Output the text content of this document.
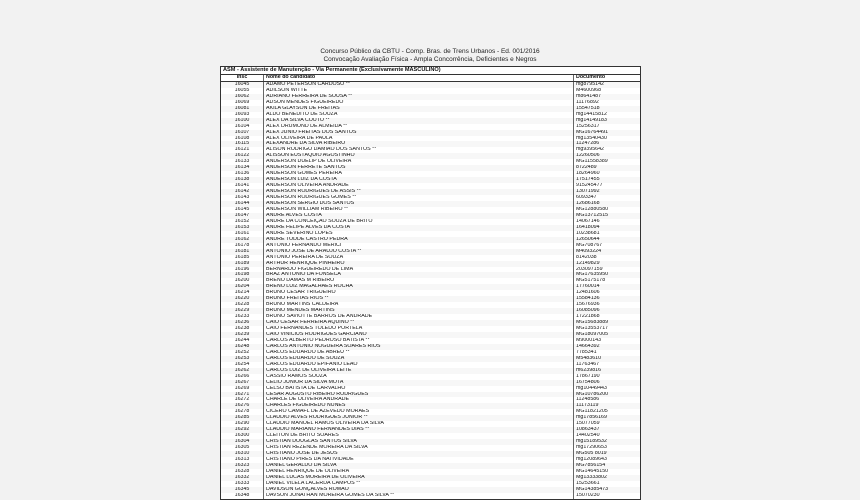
Concurso Público da CBTU - Comp. Bras. de Trens Urbanos - Ed. 001/2016
Convocação Avaliação Física - Ampla Concorrência, Deficientes e Negros
ASM - Assistente de Manutenção - Via Permanente (Exclusivamente MASCULINO)
Insc	Nome do candidato	Documento
16045	ADAMO PETERSON CARDOSO **	mg8795142
16055	ADILSON WITTE	M4600968
16062	ADRIANO FERREIRA DE SOUSA **	m8641487
16069	ADSON MENDES FIGUEIREDO	11176892
16081	ÁKILA GLAYSON DE FREITAS	15547518
16093	ALDO BENEDITO DE SOUZA	mg14415812
16100	ALEX DA SILVA COUTO **	mg14149183
16104	ALEX DRUMOND DE ALMEIDA **	15256317
16107	ALEX JUNIO FREITAS DOS SANTOS	MG16764491
16108	ALEX OLIVEIRA DE PAULA	mg13540430
16115	ALEXANDRE DA SILVA RIBEIRO	11247286
16121	ALISON RODRIGO DAMIÃO DOS SANTOS **	mg9395642
16122	ALISSON EUSTÁQUIO AGOSTINHO	12260506
16133	ANDERSON DUELIP DE OLIVEIRA	MG11558389
16134	ANDERSON FERRETE SANTOS	8722489
16136	ANDERSON GOMES PEREIRA	18264960
16138	ANDERSON LUIZ DA COSTA	17517455
16141	ANDERSON OLIVEIRA ANDRADE	915245477
16142	ANDERSON RODRIGUES DE ASSIS **	13071992
16143	ANDERSON RODRIGUES GOMES **	6093347
16144	ANDERSON SÉRGIO DOS SANTOS	12686168
16145	ANDERSON WILLIAM RIBEIRO **	MG12880580
16147	ANDRÉ ALVES COSTA	MG13712515
16152	ANDRÉ DA CONCEIÇÃO SOUZA DE BRITO	14067146
16153	ANDRÉ FELIPE ALVES DA COSTA	16418094
16161	ANDRÉ SEVERINO LOPES	10238681
16162	ANDRÉ TODDE CASTRO PEDRA	12650644
16178	ANTÔNIO FERNANDO MÉRICI	MG708767
16181	ANTONIO JOSÉ DE ARAÚJO COSTA **	M4093224
16185	ANTÔNIO PEREIRA DE SOUZA	8142038
16189	ARTHUR HENRIQUE PINHEIRO	12149829
16196	BERNARDO FIGUEIREDO DE LIMA	203097159
16198	BRAZ ANTONIO DA FONSECA	MG17635950
16200	BRENO DAMAS M RIBEIRO	MG5175178
16204	BRENO LUIZ MAGALHÃES ROCHA	17760014
16214	BRUNO CÉSAR TRIGUEIRO	12481606
16220	BRUNO FREITAS RIOS **	15584136
16228	BRUNO MARTINS CALDEIRA	15676936
16229	BRUNO MENDES MARTINS	16085096
16233	BRUNO SAVIOTTE BARROS DE ANDRADE	17221868
16236	CAIO CESAR FERREIRA AQUINO **	MG15683889
16238	CAIO FERNANDES TOLEDO PORTELA	MG13553717
16239	CAIO VINICIUS RODRIGUES GARCIANO	MG18097005
16244	CARLOS ALBERTO PEDROSO BATISTA **	M9000143
16248	CARLOS ANTONIO NOGUEIRA SOARES RIOS	14664392
16252	CARLOS EDUARDO DE ABREU **	7785341
16253	CARLOS EDUARDO DE SOUZA	M5483610
16254	CARLOS EDUARDO EPIFÂNIO LEÃO	11763467
16262	CARLOS LUIZ DE OLIVEIRA LEITE	m6239816
16266	CASSIO RAMOS SOUZA	17867190
16267	CÉLIO JUNIOR DA SILVA MOTA	16754806
16269	CELSO BATISTA DE CARVALHO	mg10449443
16271	CESAR AUGUSTO RIBEIRO RODRIGUES	MG10786200
16272	CHARLE DE OLIVEIRA ANDRADE	11248586
16276	CHARLES FIGUEIREDO NUNES	11173119
16278	CÍCERO CAMAFL DE AZEVEDO MORAES	MG11821205
16285	CLÁUDIO ALVES RODRIGUES JÚNIOR **	mg17856169
16290	CLÁUDIO MANOEL RAMOS OLIVEIRA DA SILVA	15077059
16292	CLAUDIO MARIANO FERNANDES DIAS **	10863437
16300	CLEITON DE BRITO SOARES	14402540
16304	CRISTIAN DOUGLAS SANTOS SILVA	mg15189532
16305	CRISTIAN REZENDE MOREIRA DA SILVA	mg17290653
16310	CRISTIANO JOSÉ DE JESUS	MG505 8019
16313	CRISTIANO PIRES DA NATIVIDADE	mg12089643
16323	DANIEL GERALDO DA SILVA	MG7856154
16328	DANIEL HENRIQUE DE OLIVEIRA	MG14645150
16332	DANIEL LUCAS MOREIRA DE OLIVEIRA	Mg13333802
16333	DANIEL VILELA LACERDA CAMPOS **	15253661
16345	DAVIDSON GONÇALVES ROMÃO	MG14385473
16348	DAVSON JONATHAN MOREIRA GOMES DA SILVA **	15070230
